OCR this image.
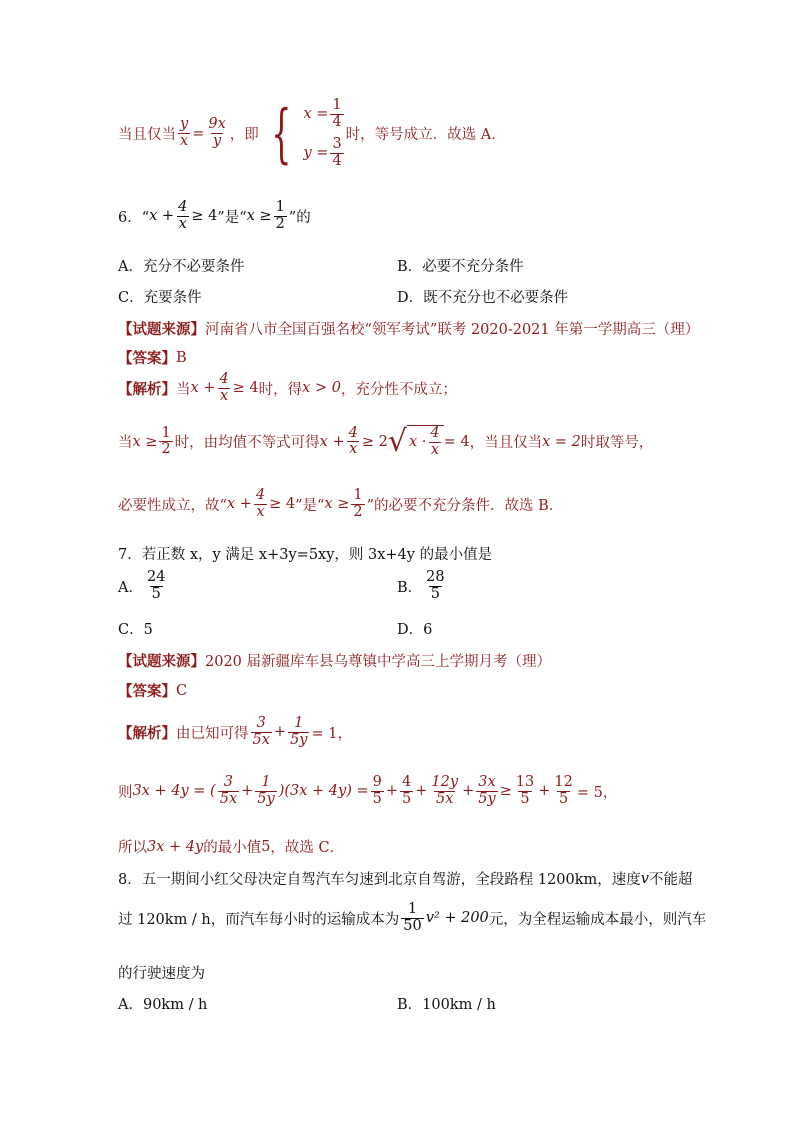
当且仅当 $\frac{y}{x} = \frac{9x}{y}$ ，即 { $x = \frac{1}{4}$
$y = \frac{3}{4}$
时，等号成立．故选 A．
6．“ $x + \frac{4}{x} \ge 4$ ”是“ $x \ge \frac{1}{2}$ ”的
A．充分不必要条件	B．必要不充分条件
C．充要条件	D．既不充分也不必要条件
【试题来源】 河南省八市全国百强名校“领军考试”联考 2020-2021 年第一学期高三（理）
【答案】 B
【解析】 当 $x + \frac{4}{x} \ge 4$ 时，得 x > 0 ，充分性不成立；
当 $x \ge \frac{1}{2}$ 时，由均值不等式可得 $x + \frac{4}{x} \ge 2$ √ $x \cdot \frac{4}{x} = 4$ ，当且仅当 x = 2 时取等号，
必要性成立，故“ $x + \frac{4}{x} \ge 4$ ”是“ $x \ge \frac{1}{2}$ ”的必要不充分条件．故选 B．
7．若正数 x，y 满足 x+3y=5xy，则 3x+4y 的最小值是
A． $\frac{24}{5}$	B． $\frac{28}{5}$
C．5	D．6
【试题来源】 2020 届新疆库车县乌尊镇中学高三上学期月考（理）
【答案】 C
【解析】 由已知可得 $\frac{3}{5x} + \frac{1}{5y} = 1$，
则 3x + 4y = ( $\frac{3}{5x} + \frac{1}{5y} )(3x + 4y) = \frac{9}{5} + \frac{4}{5} + \frac{12y}{5x} + \frac{3x}{5y} \ge \frac{13}{5} + \frac{12}{5} = 5$，
所以 3x + 4y 的最小值 5 ，故选 C．
8．五一期间小红父母决定自驾汽车匀速到北京自驾游，全段路程 1200km，速度 v 不能超
过 120km / h，而汽车每小时的运输成本为 $\frac{1}{50} v^2 + 200$ 元，为全程运输成本最小，则汽车
的行驶速度为
A．90km / h	B．100km / h
